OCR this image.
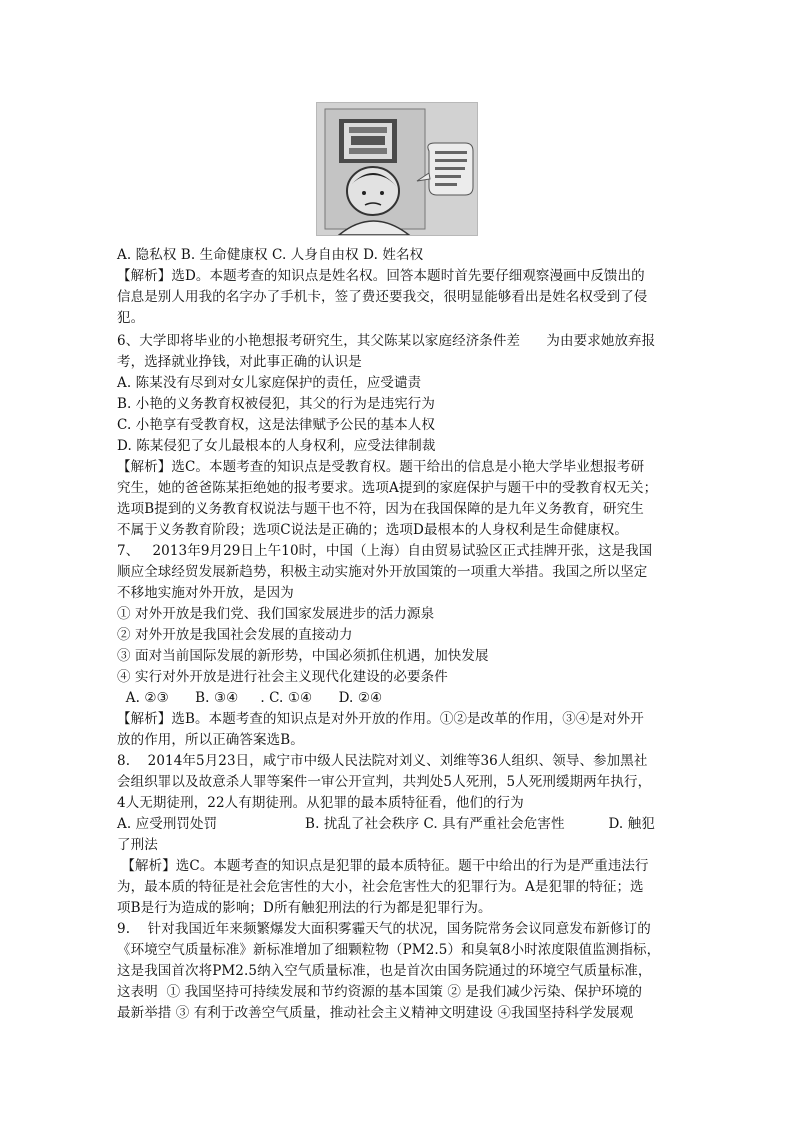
A. 隐私权 B. 生命健康权 C. 人身自由权 D. 姓名权
【解析】选D。本题考查的知识点是姓名权。回答本题时首先要仔细观察漫画中反馈出的
信息是别人用我的名字办了手机卡，签了费还要我交，很明显能够看出是姓名权受到了侵
犯。
6、大学即将毕业的小艳想报考研究生，其父陈某以家庭经济条件差      为由要求她放弃报
考，选择就业挣钱，对此事正确的认识是
A. 陈某没有尽到对女儿家庭保护的责任，应受谴责
B. 小艳的义务教育权被侵犯，其父的行为是违宪行为
C. 小艳享有受教育权，这是法律赋予公民的基本人权
D. 陈某侵犯了女儿最根本的人身权利，应受法律制裁
【解析】选C。本题考查的知识点是受教育权。题干给出的信息是小艳大学毕业想报考研
究生，她的爸爸陈某拒绝她的报考要求。选项A提到的家庭保护与题干中的受教育权无关；
选项B提到的义务教育权说法与题干也不符，因为在我国保障的是九年义务教育，研究生
不属于义务教育阶段；选项C说法是正确的；选项D最根本的人身权利是生命健康权。
7、   2013年9月29日上午10时，中国（上海）自由贸易试验区正式挂牌开张，这是我国
顺应全球经贸发展新趋势，积极主动实施对外开放国策的一项重大举措。我国之所以坚定
不移地实施对外开放，是因为
① 对外开放是我们党、我们国家发展进步的活力源泉
② 对外开放是我国社会发展的直接动力
③ 面对当前国际发展的新形势，中国必须抓住机遇，加快发展
④ 实行对外开放是进行社会主义现代化建设的必要条件
A. ②③      B. ③④     . C. ①④      D. ②④
【解析】选B。本题考查的知识点是对外开放的作用。①②是改革的作用，③④是对外开
放的作用，所以正确答案选B。
8.    2014年5月23日，咸宁市中级人民法院对刘义、刘维等36人组织、领导、参加黑社
会组织罪以及故意杀人罪等案件一审公开宣判，共判处5人死刑，5人死刑缓期两年执行，
4人无期徒刑，22人有期徒刑。从犯罪的最本质特征看，他们的行为
A. 应受刑罚处罚                    B. 扰乱了社会秩序 C. 具有严重社会危害性          D. 触犯
了刑法
【解析】选C。本题考查的知识点是犯罪的最本质特征。题干中给出的行为是严重违法行
为，最本质的特征是社会危害性的大小，社会危害性大的犯罪行为。A是犯罪的特征；选
项B是行为造成的影响；D所有触犯刑法的行为都是犯罪行为。
9.    针对我国近年来频繁爆发大面积雾霾天气的状况，国务院常务会议同意发布新修订的
《环境空气质量标准》新标准增加了细颗粒物（PM2.5）和臭氧8小时浓度限值监测指标，
这是我国首次将PM2.5纳入空气质量标准，也是首次由国务院通过的环境空气质量标准，
这表明  ① 我国坚持可持续发展和节约资源的基本国策 ② 是我们减少污染、保护环境的
最新举措 ③ 有利于改善空气质量，推动社会主义精神文明建设 ④我国坚持科学发展观
